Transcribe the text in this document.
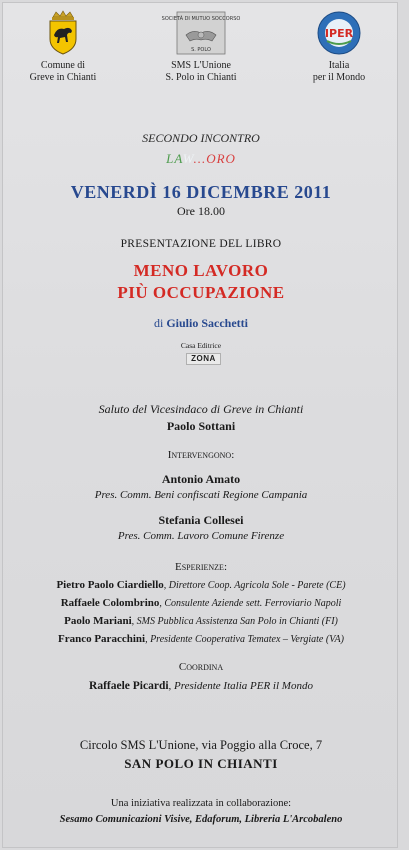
Comune di
Greve in Chianti
SOCIETÀ DI MUTUO SOCCORSO
S. POLO
SMS L'Unione
S. Polo in Chianti
IPER
Italia
per il Mondo
SECONDO INCONTRO
LAW...ORO
VENERDÌ 16 DICEMBRE 2011
Ore 18.00
PRESENTAZIONE DEL LIBRO
MENO LAVORO
PIÙ OCCUPAZIONE
di Giulio Sacchetti
Casa Editrice
ZONA
Saluto del Vicesindaco di Greve in Chianti
Paolo Sottani
Intervengono:
Antonio Amato
Pres. Comm. Beni confiscati Regione Campania
Stefania Collesei
Pres. Comm. Lavoro Comune Firenze
Esperienze:
Pietro Paolo Ciardiello, Direttore Coop. Agricola Sole - Parete (CE)
Raffaele Colombrino, Consulente Aziende sett. Ferroviario Napoli
Paolo Mariani, SMS Pubblica Assistenza San Polo in Chianti (FI)
Franco Paracchini, Presidente Cooperativa Tematex – Vergiate (VA)
Coordina
Raffaele Picardi, Presidente Italia PER il Mondo
Circolo SMS L'Unione, via Poggio alla Croce, 7
SAN POLO IN CHIANTI
Una iniziativa realizzata in collaborazione:
Sesamo Comunicazioni Visive, Edaforum, Libreria L'Arcobaleno
